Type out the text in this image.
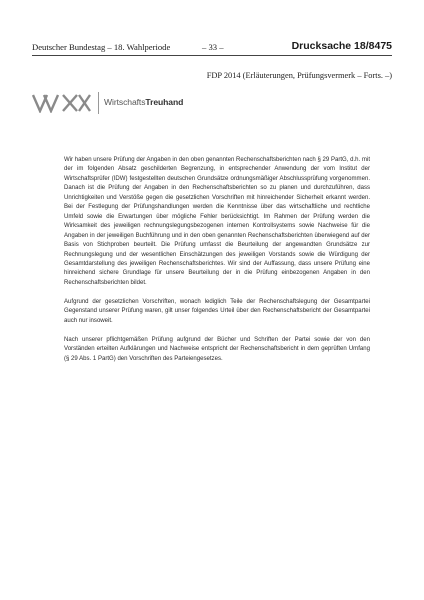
Deutscher Bundestag – 18. Wahlperiode	– 33 –	Drucksache 18/8475
FDP 2014 (Erläuterungen, Prüfungsvermerk – Forts. –)
WirtschaftsTreuhand

Wir haben unsere Prüfung der Angaben in den oben genannten Rechenschaftsberichten nach § 29 PartG, d.h. mit der im folgenden Absatz geschilderten Begrenzung, in entsprechender Anwendung der vom Institut der Wirtschaftsprüfer (IDW) festgestellten deutschen Grundsätze ordnungsmäßiger Abschlussprüfung vorgenommen. Danach ist die Prüfung der Angaben in den Rechenschaftsberichten so zu planen und durchzuführen, dass Unrichtigkeiten und Verstöße gegen die gesetzlichen Vorschriften mit hinreichender Sicherheit erkannt werden. Bei der Festlegung der Prüfungshandlungen werden die Kenntnisse über das wirtschaftliche und rechtliche Umfeld sowie die Erwartungen über mögliche Fehler berücksichtigt. Im Rahmen der Prüfung werden die Wirksamkeit des jeweiligen rechnungslegungsbezogenen internen Kontrollsystems sowie Nachweise für die Angaben in der jeweiligen Buchführung und in den oben genannten Rechenschaftsberichten überwiegend auf der Basis von Stichproben beurteilt. Die Prüfung umfasst die Beurteilung der angewandten Grundsätze zur Rechnungslegung und der wesentlichen Einschätzungen des jeweiligen Vorstands sowie die Würdigung der Gesamtdarstellung des jeweiligen Rechenschaftsberichtes. Wir sind der Auffassung, dass unsere Prüfung eine hinreichend sichere Grundlage für unsere Beurteilung der in die Prüfung einbezogenen Angaben in den Rechenschaftsberichten bildet.

Aufgrund der gesetzlichen Vorschriften, wonach lediglich Teile der Rechenschaftslegung der Gesamtpartei Gegenstand unserer Prüfung waren, gilt unser folgendes Urteil über den Rechenschaftsbericht der Gesamtpartei auch nur insoweit.

Nach unserer pflichtgemäßen Prüfung aufgrund der Bücher und Schriften der Partei sowie der von den Vorständen erteilten Aufklärungen und Nachweise entspricht der Rechenschaftsbericht in dem geprüften Umfang (§ 29 Abs. 1 PartG) den Vorschriften des Parteiengesetzes.
